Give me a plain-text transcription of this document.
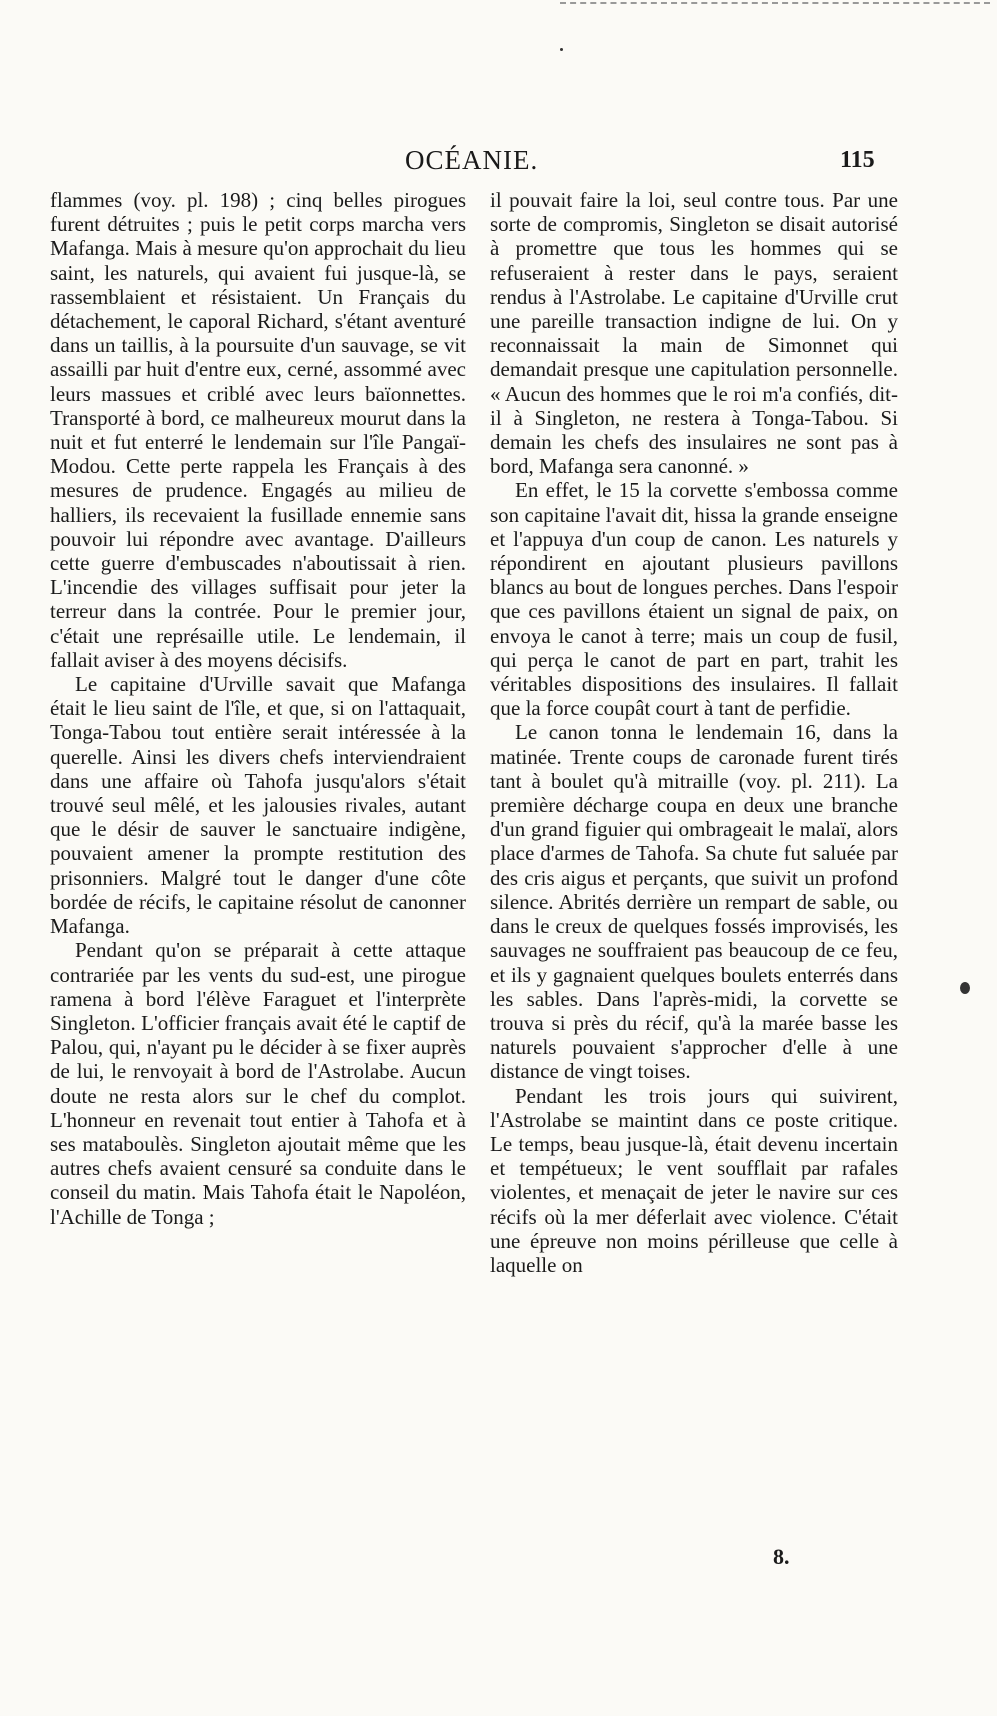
OCÉANIE.	115

flammes (voy. pl. 198) ; cinq belles pirogues furent détruites ; puis le petit corps marcha vers Mafanga. Mais à mesure qu'on approchait du lieu saint, les naturels, qui avaient fui jusque-là, se rassemblaient et résistaient. Un Français du détachement, le caporal Richard, s'étant aventuré dans un taillis, à la poursuite d'un sauvage, se vit assailli par huit d'entre eux, cerné, assommé avec leurs massues et criblé avec leurs baïonnettes. Transporté à bord, ce malheureux mourut dans la nuit et fut enterré le lendemain sur l'île Pangaï-Modou. Cette perte rappela les Français à des mesures de prudence. Engagés au milieu de halliers, ils recevaient la fusillade ennemie sans pouvoir lui répondre avec avantage. D'ailleurs cette guerre d'embuscades n'aboutissait à rien. L'incendie des villages suffisait pour jeter la terreur dans la contrée. Pour le premier jour, c'était une représaille utile. Le lendemain, il fallait aviser à des moyens décisifs.

Le capitaine d'Urville savait que Mafanga était le lieu saint de l'île, et que, si on l'attaquait, Tonga-Tabou tout entière serait intéressée à la querelle. Ainsi les divers chefs interviendraient dans une affaire où Tahofa jusqu'alors s'était trouvé seul mêlé, et les jalousies rivales, autant que le désir de sauver le sanctuaire indigène, pouvaient amener la prompte restitution des prisonniers. Malgré tout le danger d'une côte bordée de récifs, le capitaine résolut de canonner Mafanga.

Pendant qu'on se préparait à cette attaque contrariée par les vents du sud-est, une pirogue ramena à bord l'élève Faraguet et l'interprète Singleton. L'officier français avait été le captif de Palou, qui, n'ayant pu le décider à se fixer auprès de lui, le renvoyait à bord de l'Astrolabe. Aucun doute ne resta alors sur le chef du complot. L'honneur en revenait tout entier à Tahofa et à ses mataboulès. Singleton ajoutait même que les autres chefs avaient censuré sa conduite dans le conseil du matin. Mais Tahofa était le Napoléon, l'Achille de Tonga ;

il pouvait faire la loi, seul contre tous. Par une sorte de compromis, Singleton se disait autorisé à promettre que tous les hommes qui se refuseraient à rester dans le pays, seraient rendus à l'Astrolabe. Le capitaine d'Urville crut une pareille transaction indigne de lui. On y reconnaissait la main de Simonnet qui demandait presque une capitulation personnelle. « Aucun des hommes que le roi m'a confiés, dit-il à Singleton, ne restera à Tonga-Tabou. Si demain les chefs des insulaires ne sont pas à bord, Mafanga sera canonné. »

En effet, le 15 la corvette s'embossa comme son capitaine l'avait dit, hissa la grande enseigne et l'appuya d'un coup de canon. Les naturels y répondirent en ajoutant plusieurs pavillons blancs au bout de longues perches. Dans l'espoir que ces pavillons étaient un signal de paix, on envoya le canot à terre; mais un coup de fusil, qui perça le canot de part en part, trahit les véritables dispositions des insulaires. Il fallait que la force coupât court à tant de perfidie.

Le canon tonna le lendemain 16, dans la matinée. Trente coups de caronade furent tirés tant à boulet qu'à mitraille (voy. pl. 211). La première décharge coupa en deux une branche d'un grand figuier qui ombrageait le malaï, alors place d'armes de Tahofa. Sa chute fut saluée par des cris aigus et perçants, que suivit un profond silence. Abrités derrière un rempart de sable, ou dans le creux de quelques fossés improvisés, les sauvages ne souffraient pas beaucoup de ce feu, et ils y gagnaient quelques boulets enterrés dans les sables. Dans l'après-midi, la corvette se trouva si près du récif, qu'à la marée basse les naturels pouvaient s'approcher d'elle à une distance de vingt toises.

Pendant les trois jours qui suivirent, l'Astrolabe se maintint dans ce poste critique. Le temps, beau jusque-là, était devenu incertain et tempétueux; le vent soufflait par rafales violentes, et menaçait de jeter le navire sur ces récifs où la mer déferlait avec violence. C'était une épreuve non moins périlleuse que celle à laquelle on

8.
